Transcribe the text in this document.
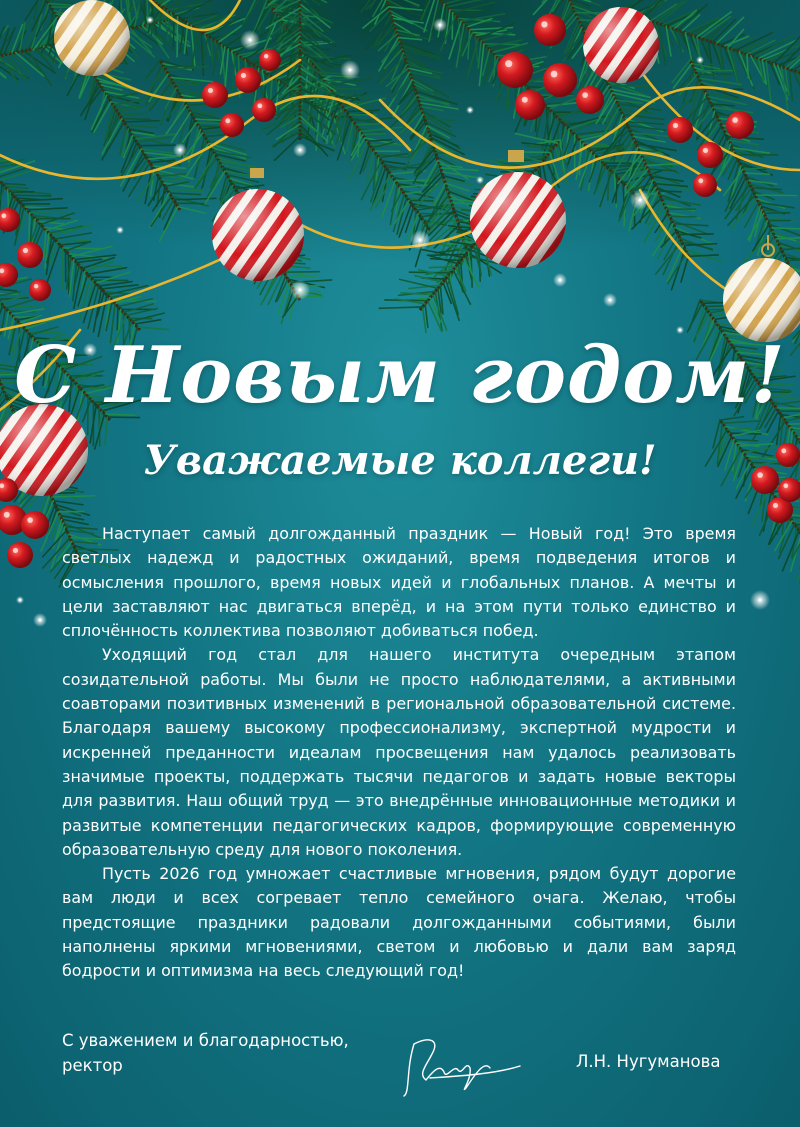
С Новым годом!
Уважаемые коллеги!

Наступает самый долгожданный праздник — Новый год! Это время светлых надежд и радостных ожиданий, время подведения итогов и осмысления прошлого, время новых идей и глобальных планов. А мечты и цели заставляют нас двигаться вперёд, и на этом пути только единство и сплочённость коллектива позволяют добиваться побед.

Уходящий год стал для нашего института очередным этапом созидательной работы. Мы были не просто наблюдателями, а активными соавторами позитивных изменений в региональной образовательной системе. Благодаря вашему высокому профессионализму, экспертной мудрости и искренней преданности идеалам просвещения нам удалось реализовать значимые проекты, поддержать тысячи педагогов и задать новые векторы для развития. Наш общий труд — это внедрённые инновационные методики и развитые компетенции педагогических кадров, формирующие современную образовательную среду для нового поколения.

Пусть 2026 год умножает счастливые мгновения, рядом будут дорогие вам люди и всех согревает тепло семейного очага. Желаю, чтобы предстоящие праздники радовали долгожданными событиями, были наполнены яркими мгновениями, светом и любовью и дали вам заряд бодрости и оптимизма на весь следующий год!

С уважением и благодарностью,
ректор	Л.Н. Нугуманова
